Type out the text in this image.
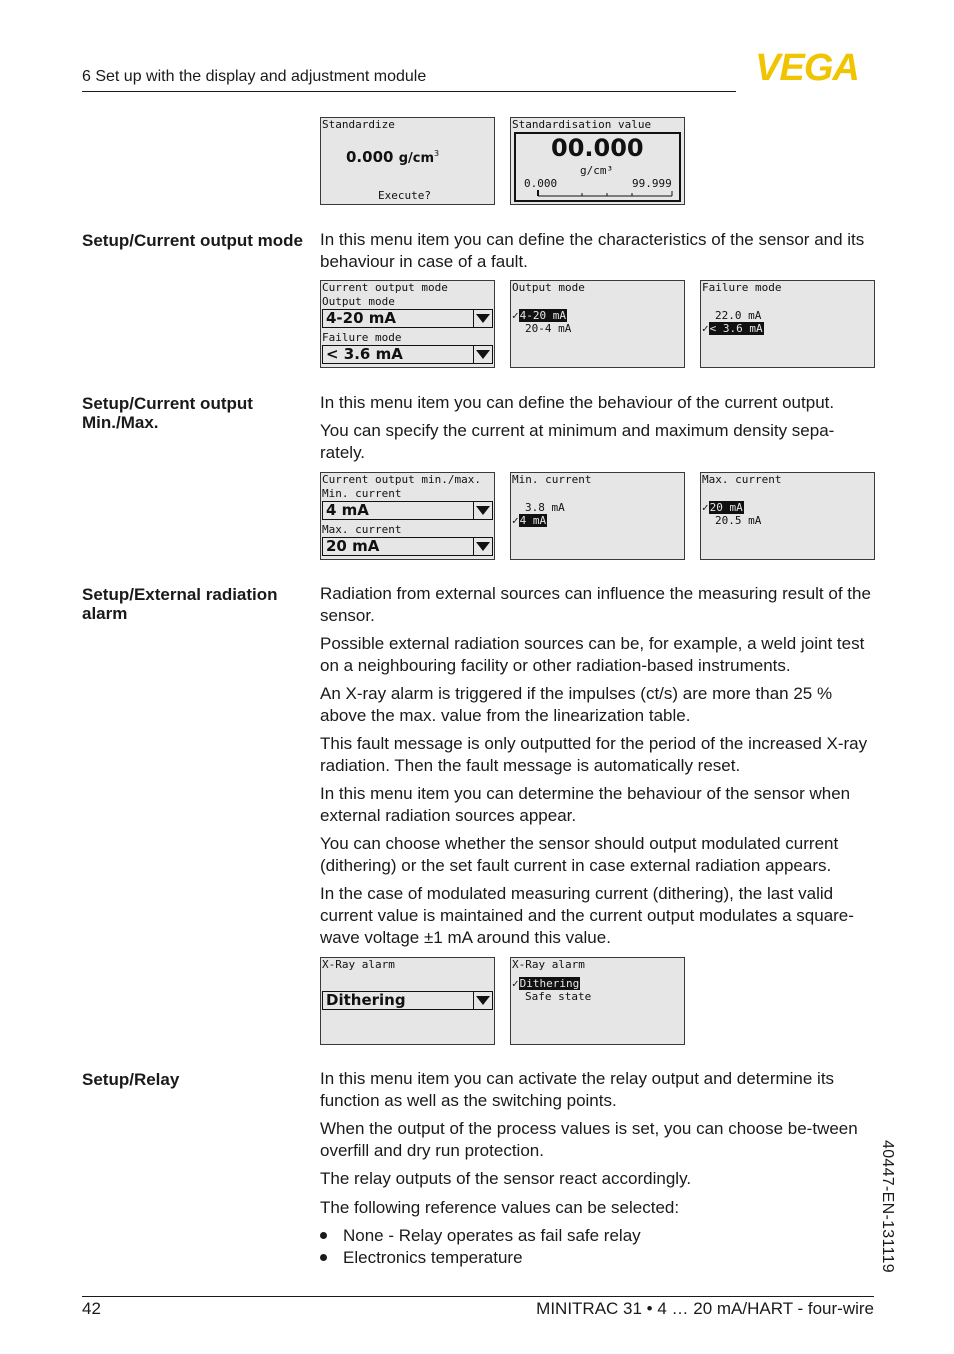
6 Set up with the display and adjustment module	VEGA
Standardize
0.000 $g/cm^3$
Execute?
Standardisation value
00.000
g/cm³
0.000	99.999
Setup/Current output mode In this menu item you can define the characteristics of the sensor and its behaviour in case of a fault.
Current output mode
Output mode
4-20 mA
Failure mode
< 3.6 mA
Output mode
✓4-20 mA
20-4 mA
Failure mode
22.0 mA
✓< 3.6 mA
Setup/Current output Min./Max.
In this menu item you can define the behaviour of the current output.
You can specify the current at minimum and maximum density sepa-rately.
Current output min./max.
Min. current
4 mA
Max. current
20 mA
Min. current
3.8 mA
✓4 mA
Max. current
✓20 mA
20.5 mA
Setup/External radiation alarm
Radiation from external sources can influence the measuring result of the sensor.
Possible external radiation sources can be, for example, a weld joint test on a neighbouring facility or other radiation-based instruments.
An X-ray alarm is triggered if the impulses (ct/s) are more than 25 % above the max. value from the linearization table.
This fault message is only outputted for the period of the increased X-ray radiation. Then the fault message is automatically reset.
In this menu item you can determine the behaviour of the sensor when external radiation sources appear.
You can choose whether the sensor should output modulated current (dithering) or the set fault current in case external radiation appears.
In the case of modulated measuring current (dithering), the last valid current value is maintained and the current output modulates a square-wave voltage ±1 mA around this value.
X-Ray alarm
Dithering
X-Ray alarm
✓Dithering
Safe state
Setup/Relay	In this menu item you can activate the relay output and determine its function as well as the switching points.
When the output of the process values is set, you can choose be-tween overfill and dry run protection.
The relay outputs of the sensor react accordingly.
The following reference values can be selected:
None - Relay operates as fail safe relay
Electronics temperature	40447-EN-131119
42	MINITRAC 31 • 4 … 20 mA/HART - four-wire
